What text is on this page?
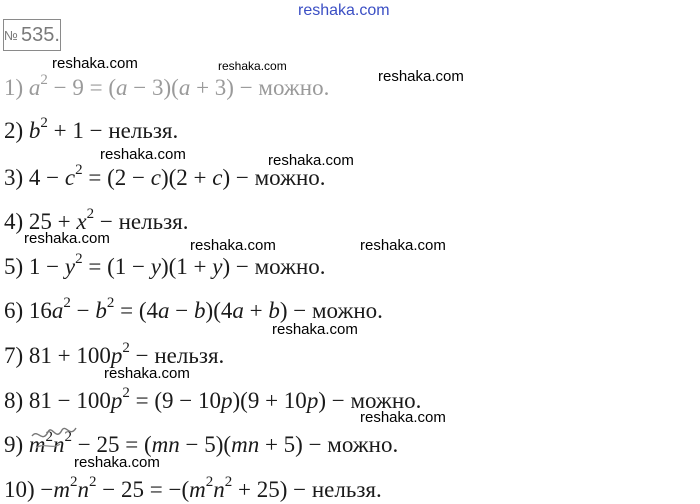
reshaka.com
№ 535.
1) $a^2 - 9 = (a - 3)(a + 3)$ − можно.
2) $b^2 + 1$ − нельзя.
3) $4 - c^2 = (2 - c)(2 + c)$ − можно.
4) $25 + x^2$ − нельзя.
5) $1 - y^2 = (1 - y)(1 + y)$ − можно.
6) $16a^2 - b^2 = (4a - b)(4a + b)$ − можно.
7) $81 + 100p^2$ − нельзя.
8) $81 - 100p^2 = (9 - 10p)(9 + 10p)$ − можно.
9) $m^2n^2 - 25 = (mn - 5)(mn + 5)$ − можно.
$10) -m^2n^2 - 25 = -(m^2n^2 + 25)$ − нельзя.
reshaka.com	reshaka.com
reshaka.com
reshaka.com	reshaka.com
reshaka.com	reshaka.com	reshaka.com
reshaka.com
reshaka.com
reshaka.com
reshaka.com
